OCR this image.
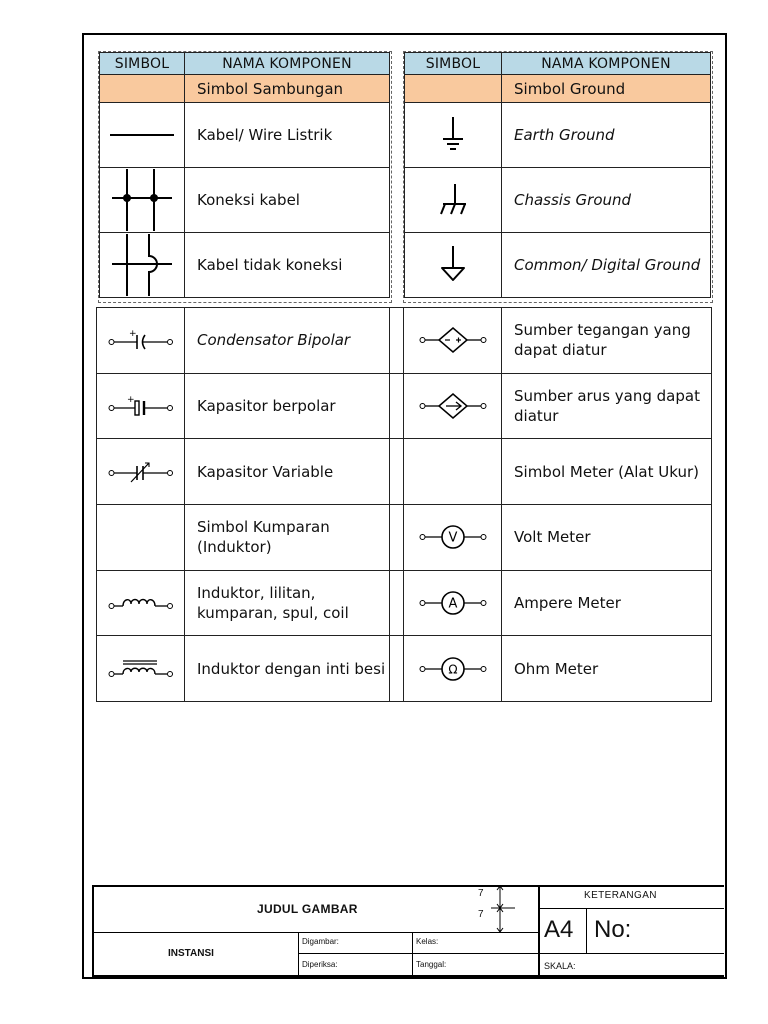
SIMBOL	NAMA KOMPONEN
	Simbol Sambungan

	Kabel/ Wire Listrik

	Koneksi kabel

	Kabel tidak koneksi
SIMBOL	NAMA KOMPONEN
	Simbol Ground

	Earth Ground

	Chassis Ground

	Common/ Digital Ground
+	Condensator Bipolar			Sumber tegangan yang dapat diatur

+	Kapasitor berpolar			Sumber arus yang dapat diatur

	Kapasitor Variable			Simbol Meter (Alat Ukur)
	Simbol Kumparan (Induktor)		V	Volt Meter

	Induktor, lilitan, kumparan, spul, coil		A	Ampere Meter

	Induktor dengan inti besi		Ω	Ohm Meter
JUDUL GAMBAR
7
7
INSTANSI
Digambar:
Diperiksa:
Kelas:
Tanggal:
KETERANGAN
A4 No:
SKALA:
